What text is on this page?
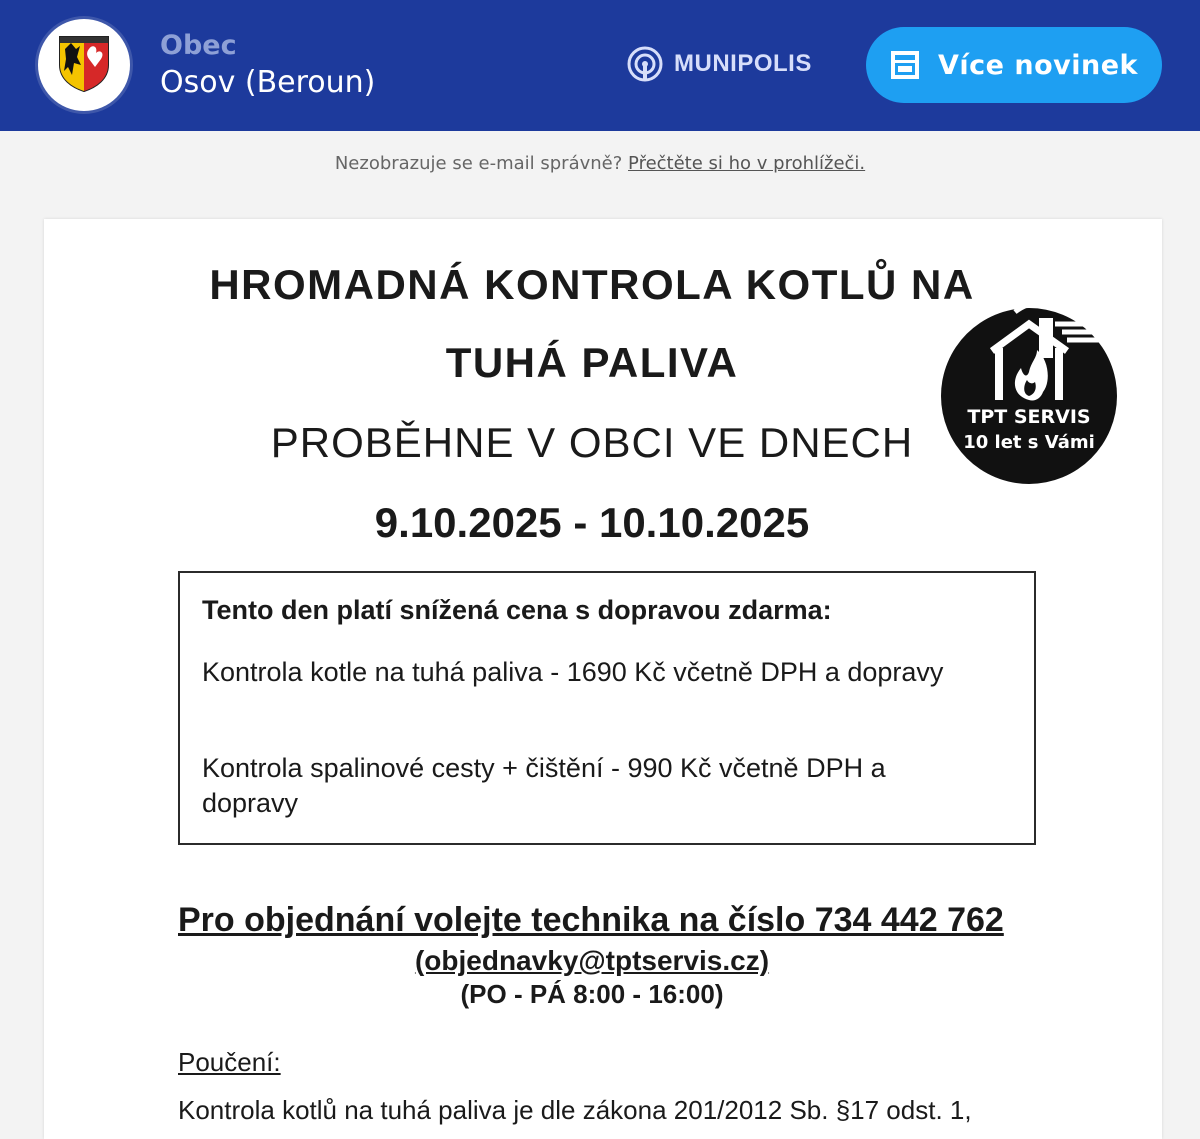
Obec
Osov (Beroun)
MUNIPOLIS	Více novinek
Nezobrazuje se e-mail správně? Přečtěte si ho v prohlížeči.
HROMADNÁ KONTROLA KOTLŮ NA
TUHÁ PALIVA
PROBĚHNE V OBCI VE DNECH
9.10.2025 - 10.10.2025
TPT SERVIS
10 let s Vámi
Tento den platí snížená cena s dopravou zdarma:
Kontrola kotle na tuhá paliva - 1690 Kč včetně DPH a dopravy
Kontrola spalinové cesty + čištění - 990 Kč včetně DPH a dopravy
Pro objednání volejte technika na číslo 734 442 762
(objednavky@tptservis.cz)
(PO - PÁ 8:00 - 16:00)
Poučení:
Kontrola kotlů na tuhá paliva je dle zákona 201/2012 Sb. §17 odst. 1,
